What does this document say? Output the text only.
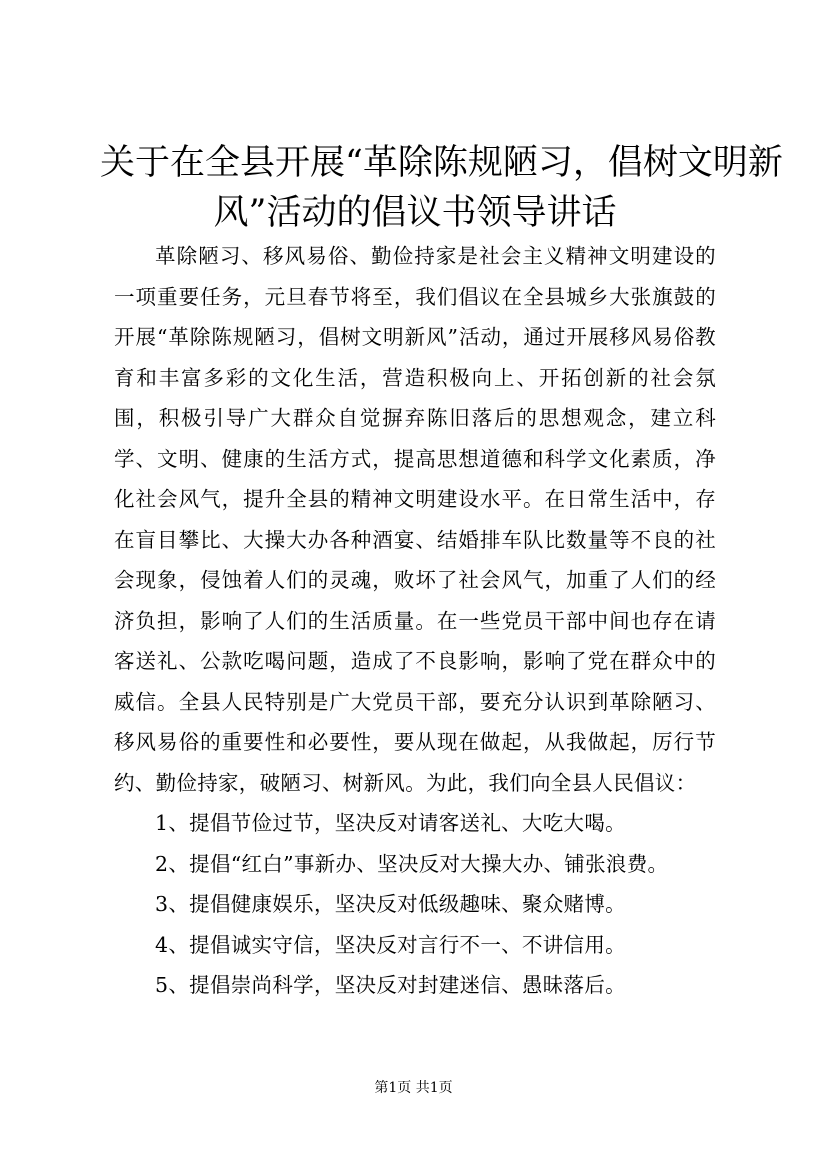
关于在全县开展“革除陈规陋习，倡树文明新
风”活动的倡议书领导讲话

革除陋习、移风易俗、勤俭持家是社会主义精神文明建设的一项重要任务，元旦春节将至，我们倡议在全县城乡大张旗鼓的开展“革除陈规陋习，倡树文明新风”活动，通过开展移风易俗教育和丰富多彩的文化生活，营造积极向上、开拓创新的社会氛围，积极引导广大群众自觉摒弃陈旧落后的思想观念，建立科学、文明、健康的生活方式，提高思想道德和科学文化素质，净化社会风气，提升全县的精神文明建设水平。在日常生活中，存在盲目攀比、大操大办各种酒宴、结婚排车队比数量等不良的社会现象，侵蚀着人们的灵魂，败坏了社会风气，加重了人们的经济负担，影响了人们的生活质量。在一些党员干部中间也存在请客送礼、公款吃喝问题，造成了不良影响，影响了党在群众中的威信。全县人民特别是广大党员干部，要充分认识到革除陋习、移风易俗的重要性和必要性，要从现在做起，从我做起，厉行节约、勤俭持家，破陋习、树新风。为此，我们向全县人民倡议：

1、提倡节俭过节，坚决反对请客送礼、大吃大喝。

2、提倡“红白”事新办、坚决反对大操大办、铺张浪费。

3、提倡健康娱乐，坚决反对低级趣味、聚众赌博。

4、提倡诚实守信，坚决反对言行不一、不讲信用。

5、提倡崇尚科学，坚决反对封建迷信、愚昧落后。

第1页 共1页
